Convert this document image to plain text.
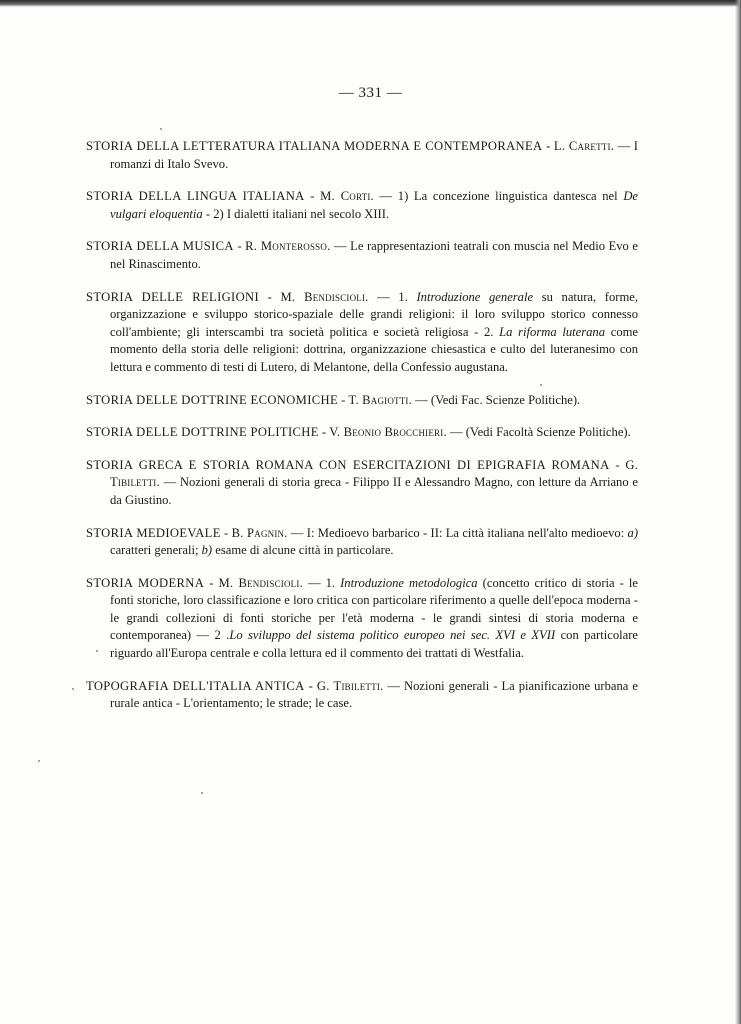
— 331 —

STORIA DELLA LETTERATURA ITALIANA MODERNA E CONTEMPORANEA - L. Caretti. — I romanzi di Italo Svevo.

STORIA DELLA LINGUA ITALIANA - M. Corti. — 1) La concezione linguistica dantesca nel De vulgari eloquentia - 2) I dialetti italiani nel secolo XIII.

STORIA DELLA MUSICA - R. Monterosso. — Le rappresentazioni teatrali con muscia nel Medio Evo e nel Rinascimento.

STORIA DELLE RELIGIONI - M. Bendiscioli. — 1. Introduzione generale su natura, forme, organizzazione e sviluppo storico-spaziale delle grandi religioni: il loro sviluppo storico connesso coll'ambiente; gli interscambi tra società politica e società religiosa - 2. La riforma luterana come momento della storia delle religioni: dottrina, organizzazione chiesastica e culto del luteranesimo con lettura e commento di testi di Lutero, di Melantone, della Confessio augustana.

STORIA DELLE DOTTRINE ECONOMICHE - T. Bagiotti. — (Vedi Fac. Scienze Politiche).

STORIA DELLE DOTTRINE POLITICHE - V. Beonio Brocchieri. — (Vedi Facoltà Scienze Politiche).

STORIA GRECA E STORIA ROMANA CON ESERCITAZIONI DI EPIGRAFIA ROMANA - G. Tibiletti. — Nozioni generali di storia greca - Filippo II e Alessandro Magno, con letture da Arriano e da Giustino.

STORIA MEDIOEVALE - B. Pagnin. — I: Medioevo barbarico - II: La città italiana nell'alto medioevo: a) caratteri generali; b) esame di alcune città in particolare.

STORIA MODERNA - M. Bendiscioli. — 1. Introduzione metodologica (concetto critico di storia - le fonti storiche, loro classificazione e loro critica con particolare riferimento a quelle dell'epoca moderna - le grandi collezioni di fonti storiche per l'età moderna - le grandi sintesi di storia moderna e contemporanea) — 2 .Lo sviluppo del sistema politico europeo nei sec. XVI e XVII con particolare riguardo all'Europa centrale e colla lettura ed il commento dei trattati di Westfalia.

TOPOGRAFIA DELL'ITALIA ANTICA - G. Tibiletti. — Nozioni generali - La pianificazione urbana e rurale antica - L'orientamento; le strade; le case.
